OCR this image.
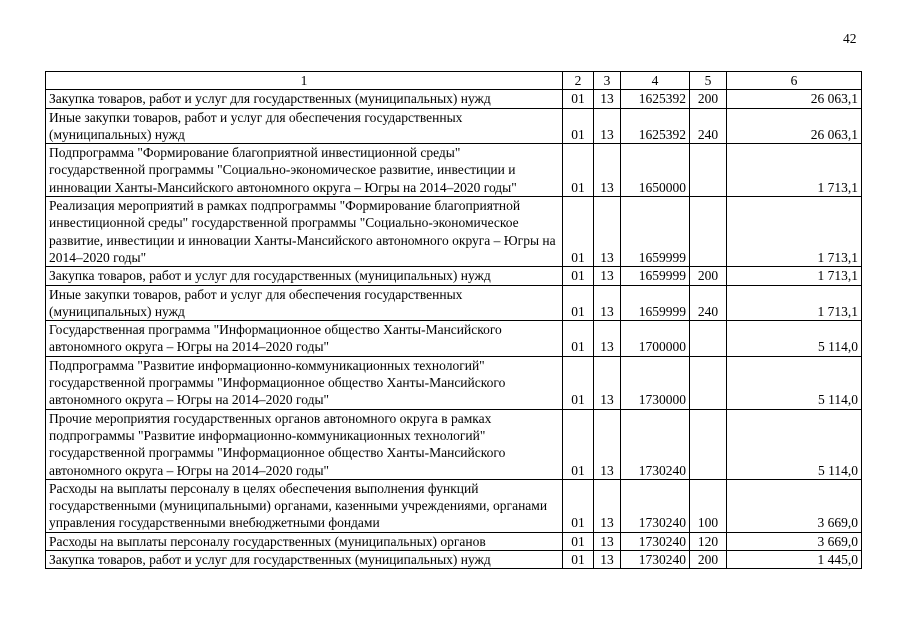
42
1	2	3	4	5	6
Закупка товаров, работ и услуг для государственных (муниципальных) нужд	01	13	1625392	200	26 063,1
Иные закупки товаров, работ и услуг для обеспечения государственных (муниципальных) нужд	01	13	1625392	240	26 063,1
Подпрограмма "Формирование благоприятной инвестиционной среды" государственной программы "Социально-экономическое развитие, инвестиции и инновации Ханты-Мансийского автономного округа – Югры на 2014–2020 годы"	01	13	1650000		1 713,1
Реализация мероприятий в рамках подпрограммы "Формирование благоприятной инвестиционной среды" государственной программы "Социально-экономическое развитие, инвестиции и инновации Ханты-Мансийского автономного округа – Югры на 2014–2020 годы"	01	13	1659999		1 713,1
Закупка товаров, работ и услуг для государственных (муниципальных) нужд	01	13	1659999	200	1 713,1
Иные закупки товаров, работ и услуг для обеспечения государственных (муниципальных) нужд	01	13	1659999	240	1 713,1
Государственная программа "Информационное общество Ханты-Мансийского автономного округа – Югры на 2014–2020 годы"	01	13	1700000		5 114,0
Подпрограмма "Развитие информационно-коммуникационных технологий" государственной программы "Информационное общество Ханты-Мансийского автономного округа – Югры на 2014–2020 годы"	01	13	1730000		5 114,0
Прочие мероприятия государственных органов автономного округа в рамках подпрограммы "Развитие информационно-коммуникационных технологий" государственной программы "Информационное общество Ханты-Мансийского автономного округа – Югры на 2014–2020 годы"	01	13	1730240		5 114,0
Расходы на выплаты персоналу в целях обеспечения выполнения функций государственными (муниципальными) органами, казенными учреждениями, органами управления государственными внебюджетными фондами	01	13	1730240	100	3 669,0
Расходы на выплаты персоналу государственных (муниципальных) органов	01	13	1730240	120	3 669,0
Закупка товаров, работ и услуг для государственных (муниципальных) нужд	01	13	1730240	200	1 445,0
